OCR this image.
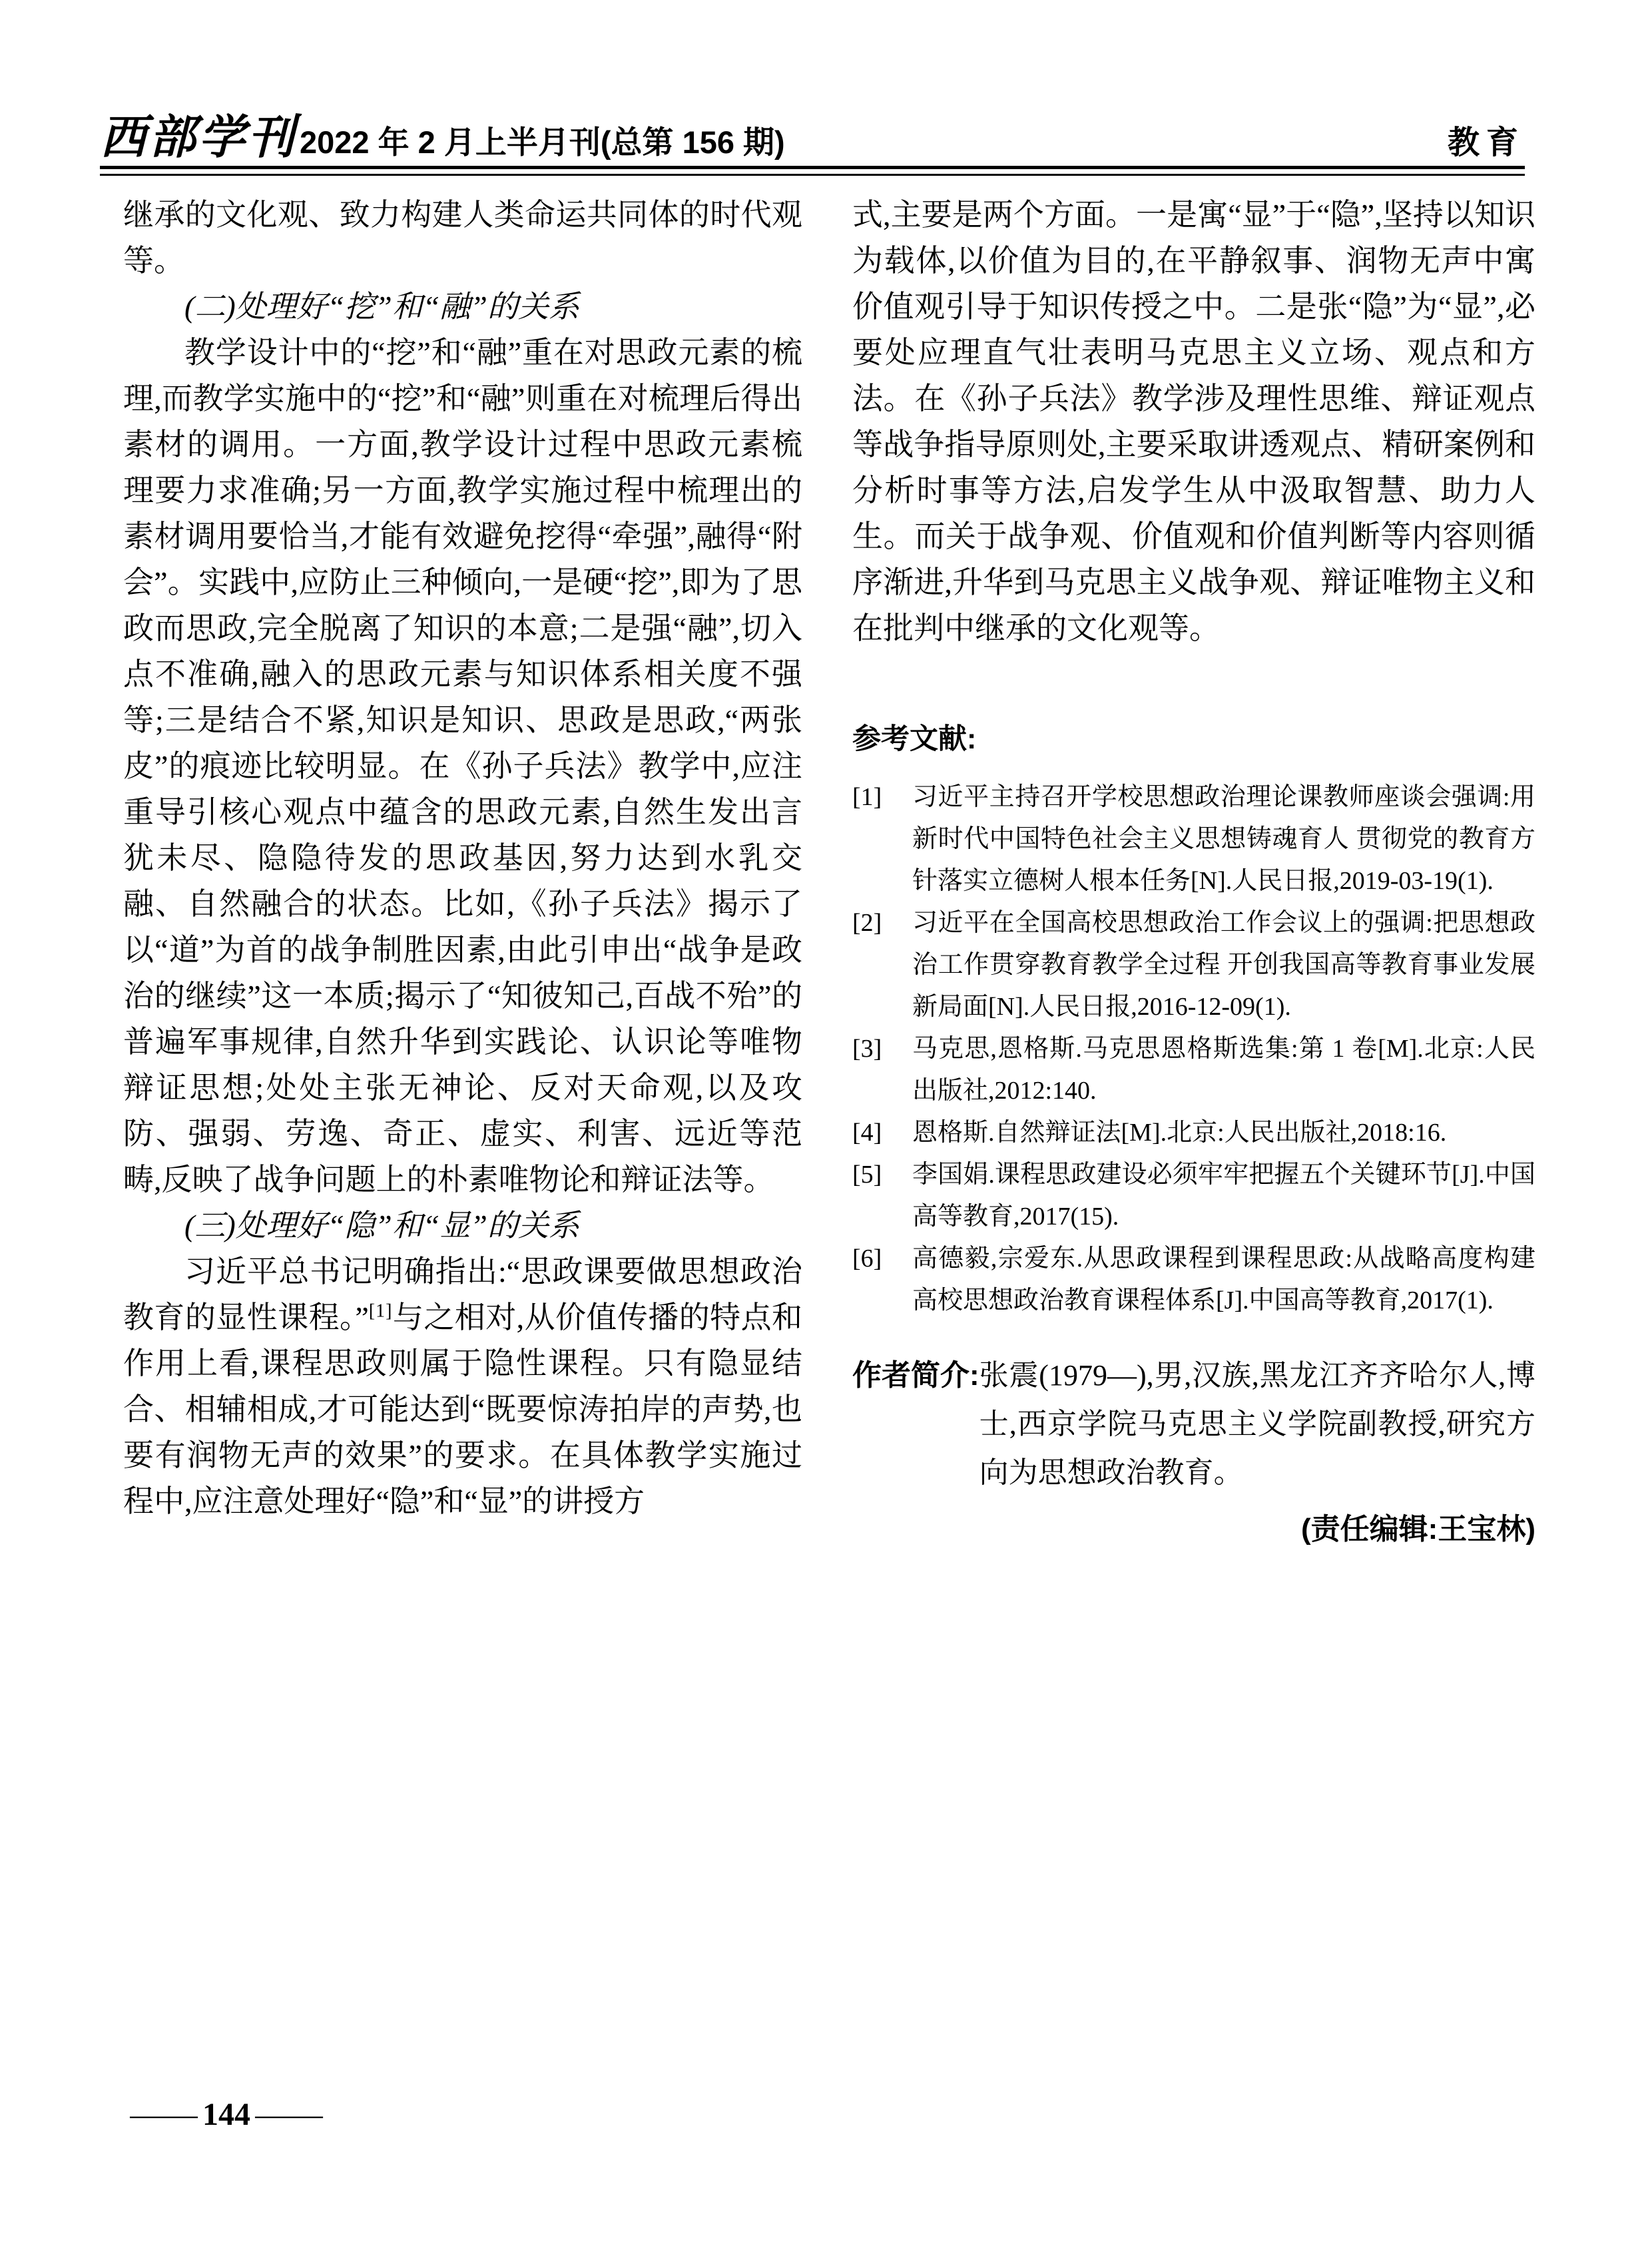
西部学刊 2022 年 2 月上半月刊(总第 156 期)	教育

继承的文化观、致力构建人类命运共同体的时代观等。

(二)处理好“挖”和“融”的关系

教学设计中的“挖”和“融”重在对思政元素的梳理,而教学实施中的“挖”和“融”则重在对梳理后得出素材的调用。一方面,教学设计过程中思政元素梳理要力求准确;另一方面,教学实施过程中梳理出的素材调用要恰当,才能有效避免挖得“牵强”,融得“附会”。实践中,应防止三种倾向,一是硬“挖”,即为了思政而思政,完全脱离了知识的本意;二是强“融”,切入点不准确,融入的思政元素与知识体系相关度不强等;三是结合不紧,知识是知识、思政是思政,“两张皮”的痕迹比较明显。在《孙子兵法》教学中,应注重导引核心观点中蕴含的思政元素,自然生发出言犹未尽、隐隐待发的思政基因,努力达到水乳交融、自然融合的状态。比如,《孙子兵法》揭示了以“道”为首的战争制胜因素,由此引申出“战争是政治的继续”这一本质;揭示了“知彼知己,百战不殆”的普遍军事规律,自然升华到实践论、认识论等唯物辩证思想;处处主张无神论、反对天命观,以及攻防、强弱、劳逸、奇正、虚实、利害、远近等范畴,反映了战争问题上的朴素唯物论和辩证法等。

(三)处理好“隐”和“显”的关系

习近平总书记明确指出:“思政课要做思想政治教育的显性课程。”[1]与之相对,从价值传播的特点和作用上看,课程思政则属于隐性课程。只有隐显结合、相辅相成,才可能达到“既要惊涛拍岸的声势,也要有润物无声的效果”的要求。在具体教学实施过程中,应注意处理好“隐”和“显”的讲授方

式,主要是两个方面。一是寓“显”于“隐”,坚持以知识为载体,以价值为目的,在平静叙事、润物无声中寓价值观引导于知识传授之中。二是张“隐”为“显”,必要处应理直气壮表明马克思主义立场、观点和方法。在《孙子兵法》教学涉及理性思维、辩证观点等战争指导原则处,主要采取讲透观点、精研案例和分析时事等方法,启发学生从中汲取智慧、助力人生。而关于战争观、价值观和价值判断等内容则循序渐进,升华到马克思主义战争观、辩证唯物主义和在批判中继承的文化观等。

参考文献:
[1]	习近平主持召开学校思想政治理论课教师座谈会强调:用新时代中国特色社会主义思想铸魂育人 贯彻党的教育方针落实立德树人根本任务[N].人民日报,2019-03-19(1).
[2]	习近平在全国高校思想政治工作会议上的强调:把思想政治工作贯穿教育教学全过程 开创我国高等教育事业发展新局面[N].人民日报,2016-12-09(1).
[3]	马克思,恩格斯.马克思恩格斯选集:第 1 卷[M].北京:人民出版社,2012:140.
[4]	恩格斯.自然辩证法[M].北京:人民出版社,2018:16.
[5]	李国娟.课程思政建设必须牢牢把握五个关键环节[J].中国高等教育,2017(15).
[6]	高德毅,宗爱东.从思政课程到课程思政:从战略高度构建高校思想政治教育课程体系[J].中国高等教育,2017(1).
作者简介: 张震(1979—),男,汉族,黑龙江齐齐哈尔人,博士,西京学院马克思主义学院副教授,研究方向为思想政治教育。
(责任编辑:王宝林)
— 144 —
